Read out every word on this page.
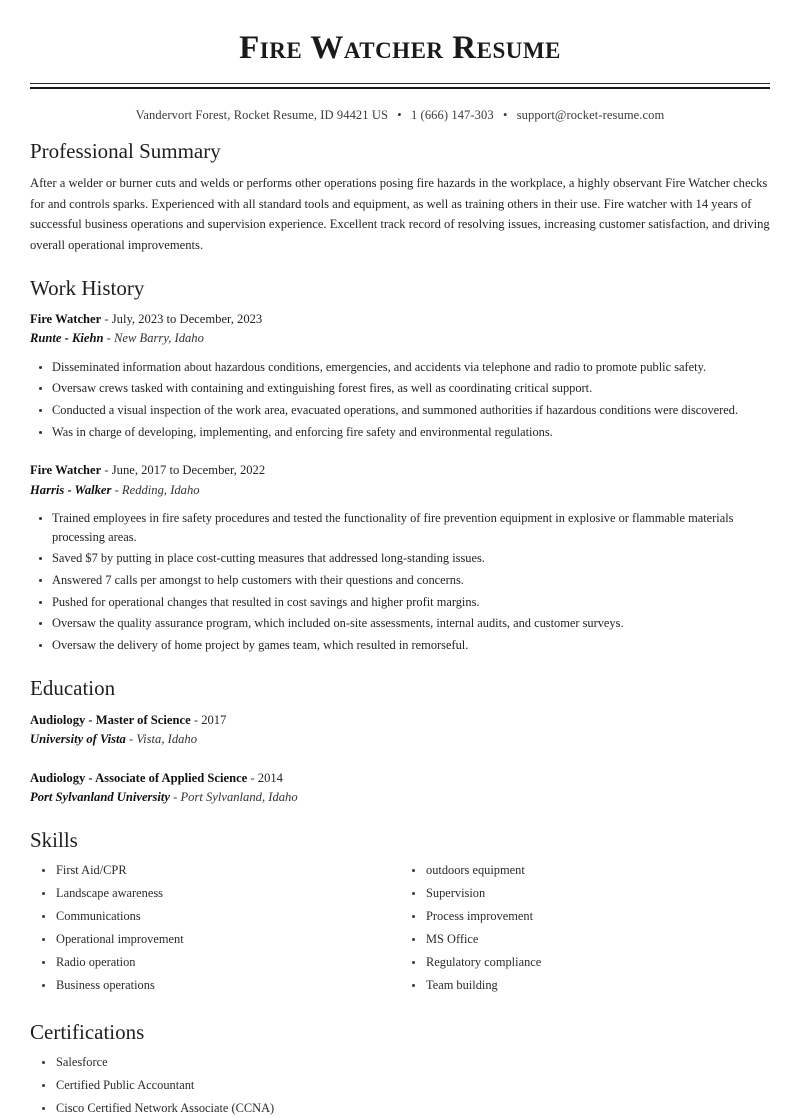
Fire Watcher Resume
Vandervort Forest, Rocket Resume, ID 94421 US • 1 (666) 147-303 • support@rocket-resume.com
Professional Summary

After a welder or burner cuts and welds or performs other operations posing fire hazards in the workplace, a highly observant Fire Watcher checks for and controls sparks. Experienced with all standard tools and equipment, as well as training others in their use. Fire watcher with 14 years of successful business operations and supervision experience. Excellent track record of resolving issues, increasing customer satisfaction, and driving overall operational improvements.

Work History
Fire Watcher - July, 2023 to December, 2023
Runte - Kiehn - New Barry, Idaho
Disseminated information about hazardous conditions, emergencies, and accidents via telephone and radio to promote public safety.
Oversaw crews tasked with containing and extinguishing forest fires, as well as coordinating critical support.
Conducted a visual inspection of the work area, evacuated operations, and summoned authorities if hazardous conditions were discovered.
Was in charge of developing, implementing, and enforcing fire safety and environmental regulations.
Fire Watcher - June, 2017 to December, 2022
Harris - Walker - Redding, Idaho
Trained employees in fire safety procedures and tested the functionality of fire prevention equipment in explosive or flammable materials processing areas.
Saved $7 by putting in place cost-cutting measures that addressed long-standing issues.
Answered 7 calls per amongst to help customers with their questions and concerns.
Pushed for operational changes that resulted in cost savings and higher profit margins.
Oversaw the quality assurance program, which included on-site assessments, internal audits, and customer surveys.
Oversaw the delivery of home project by games team, which resulted in remorseful.
Education
Audiology - Master of Science - 2017
University of Vista - Vista, Idaho
Audiology - Associate of Applied Science - 2014
Port Sylvanland University - Port Sylvanland, Idaho
Skills
First Aid/CPR
Landscape awareness
Communications
Operational improvement
Radio operation
Business operations
outdoors equipment
Supervision
Process improvement
MS Office
Regulatory compliance
Team building
Certifications
Salesforce
Certified Public Accountant
Cisco Certified Network Associate (CCNA)
